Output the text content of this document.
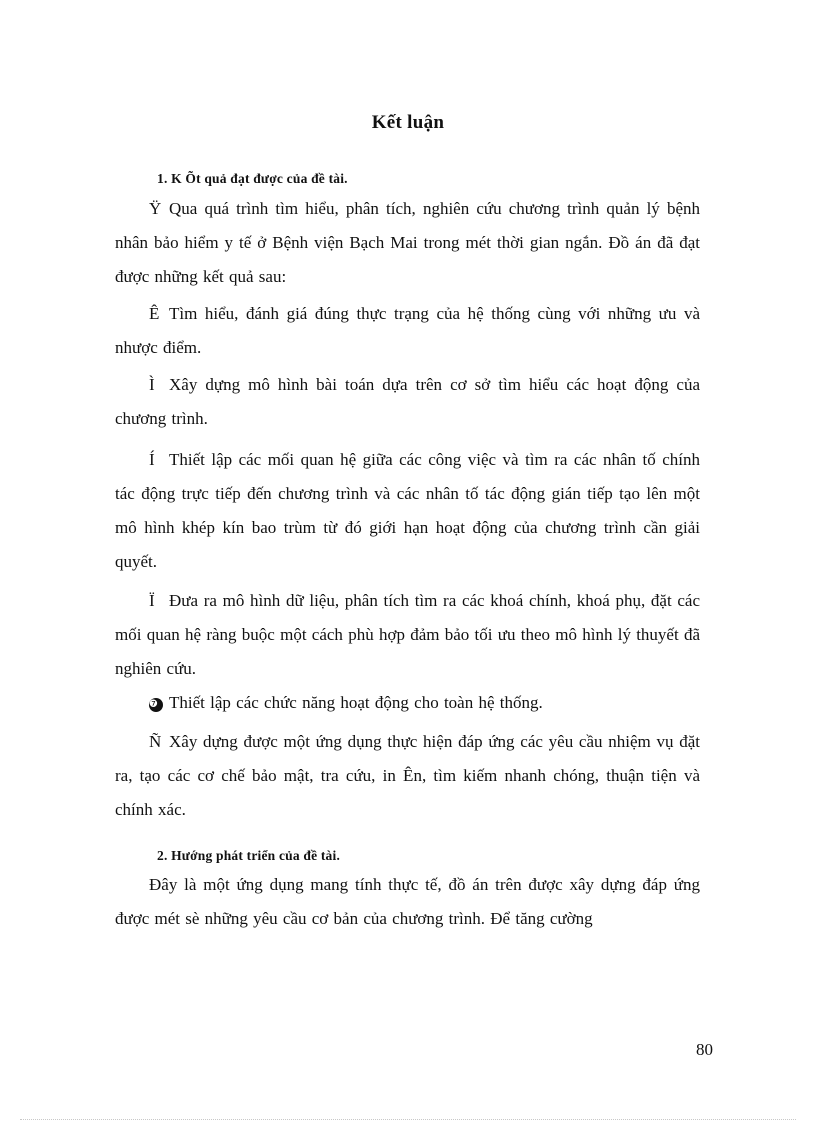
Kết luận
1. K Õt quả đạt được của đề tài.
Ÿ Qua quá trình tìm hiểu, phân tích, nghiên cứu chương trình quản lý bệnh nhân bảo hiểm y tế ở Bệnh viện Bạch Mai trong mét thời gian ngắn. Đồ án đã đạt được những kết quả sau:
Ê Tìm hiểu, đánh giá đúng thực trạng của hệ thống cùng với những ưu và nhược điểm.
Ì Xây dựng mô hình bài toán dựa trên cơ sở tìm hiểu các hoạt động của chương trình.
Í Thiết lập các mối quan hệ giữa các công việc và tìm ra các nhân tố chính tác động trực tiếp đến chương trình và các nhân tố tác động gián tiếp tạo lên một mô hình khép kín bao trùm từ đó giới hạn hoạt động của chương trình cần giải quyết.
Ï Đưa ra mô hình dữ liệu, phân tích tìm ra các khoá chính, khoá phụ, đặt các mối quan hệ ràng buộc một cách phù hợp đảm bảo tối ưu theo mô hình lý thuyết đã nghiên cứu.
❼ Thiết lập các chức năng hoạt động cho toàn hệ thống.
Ñ Xây dựng được một ứng dụng thực hiện đáp ứng các yêu cầu nhiệm vụ đặt ra, tạo các cơ chế bảo mật, tra cứu, in Ên, tìm kiếm nhanh chóng, thuận tiện và chính xác.
2. Hướng phát triển của đề tài.
Đây là một ứng dụng mang tính thực tế, đồ án trên được xây dựng đáp ứng được mét sè những yêu cầu cơ bản của chương trình. Để tăng cường
80
